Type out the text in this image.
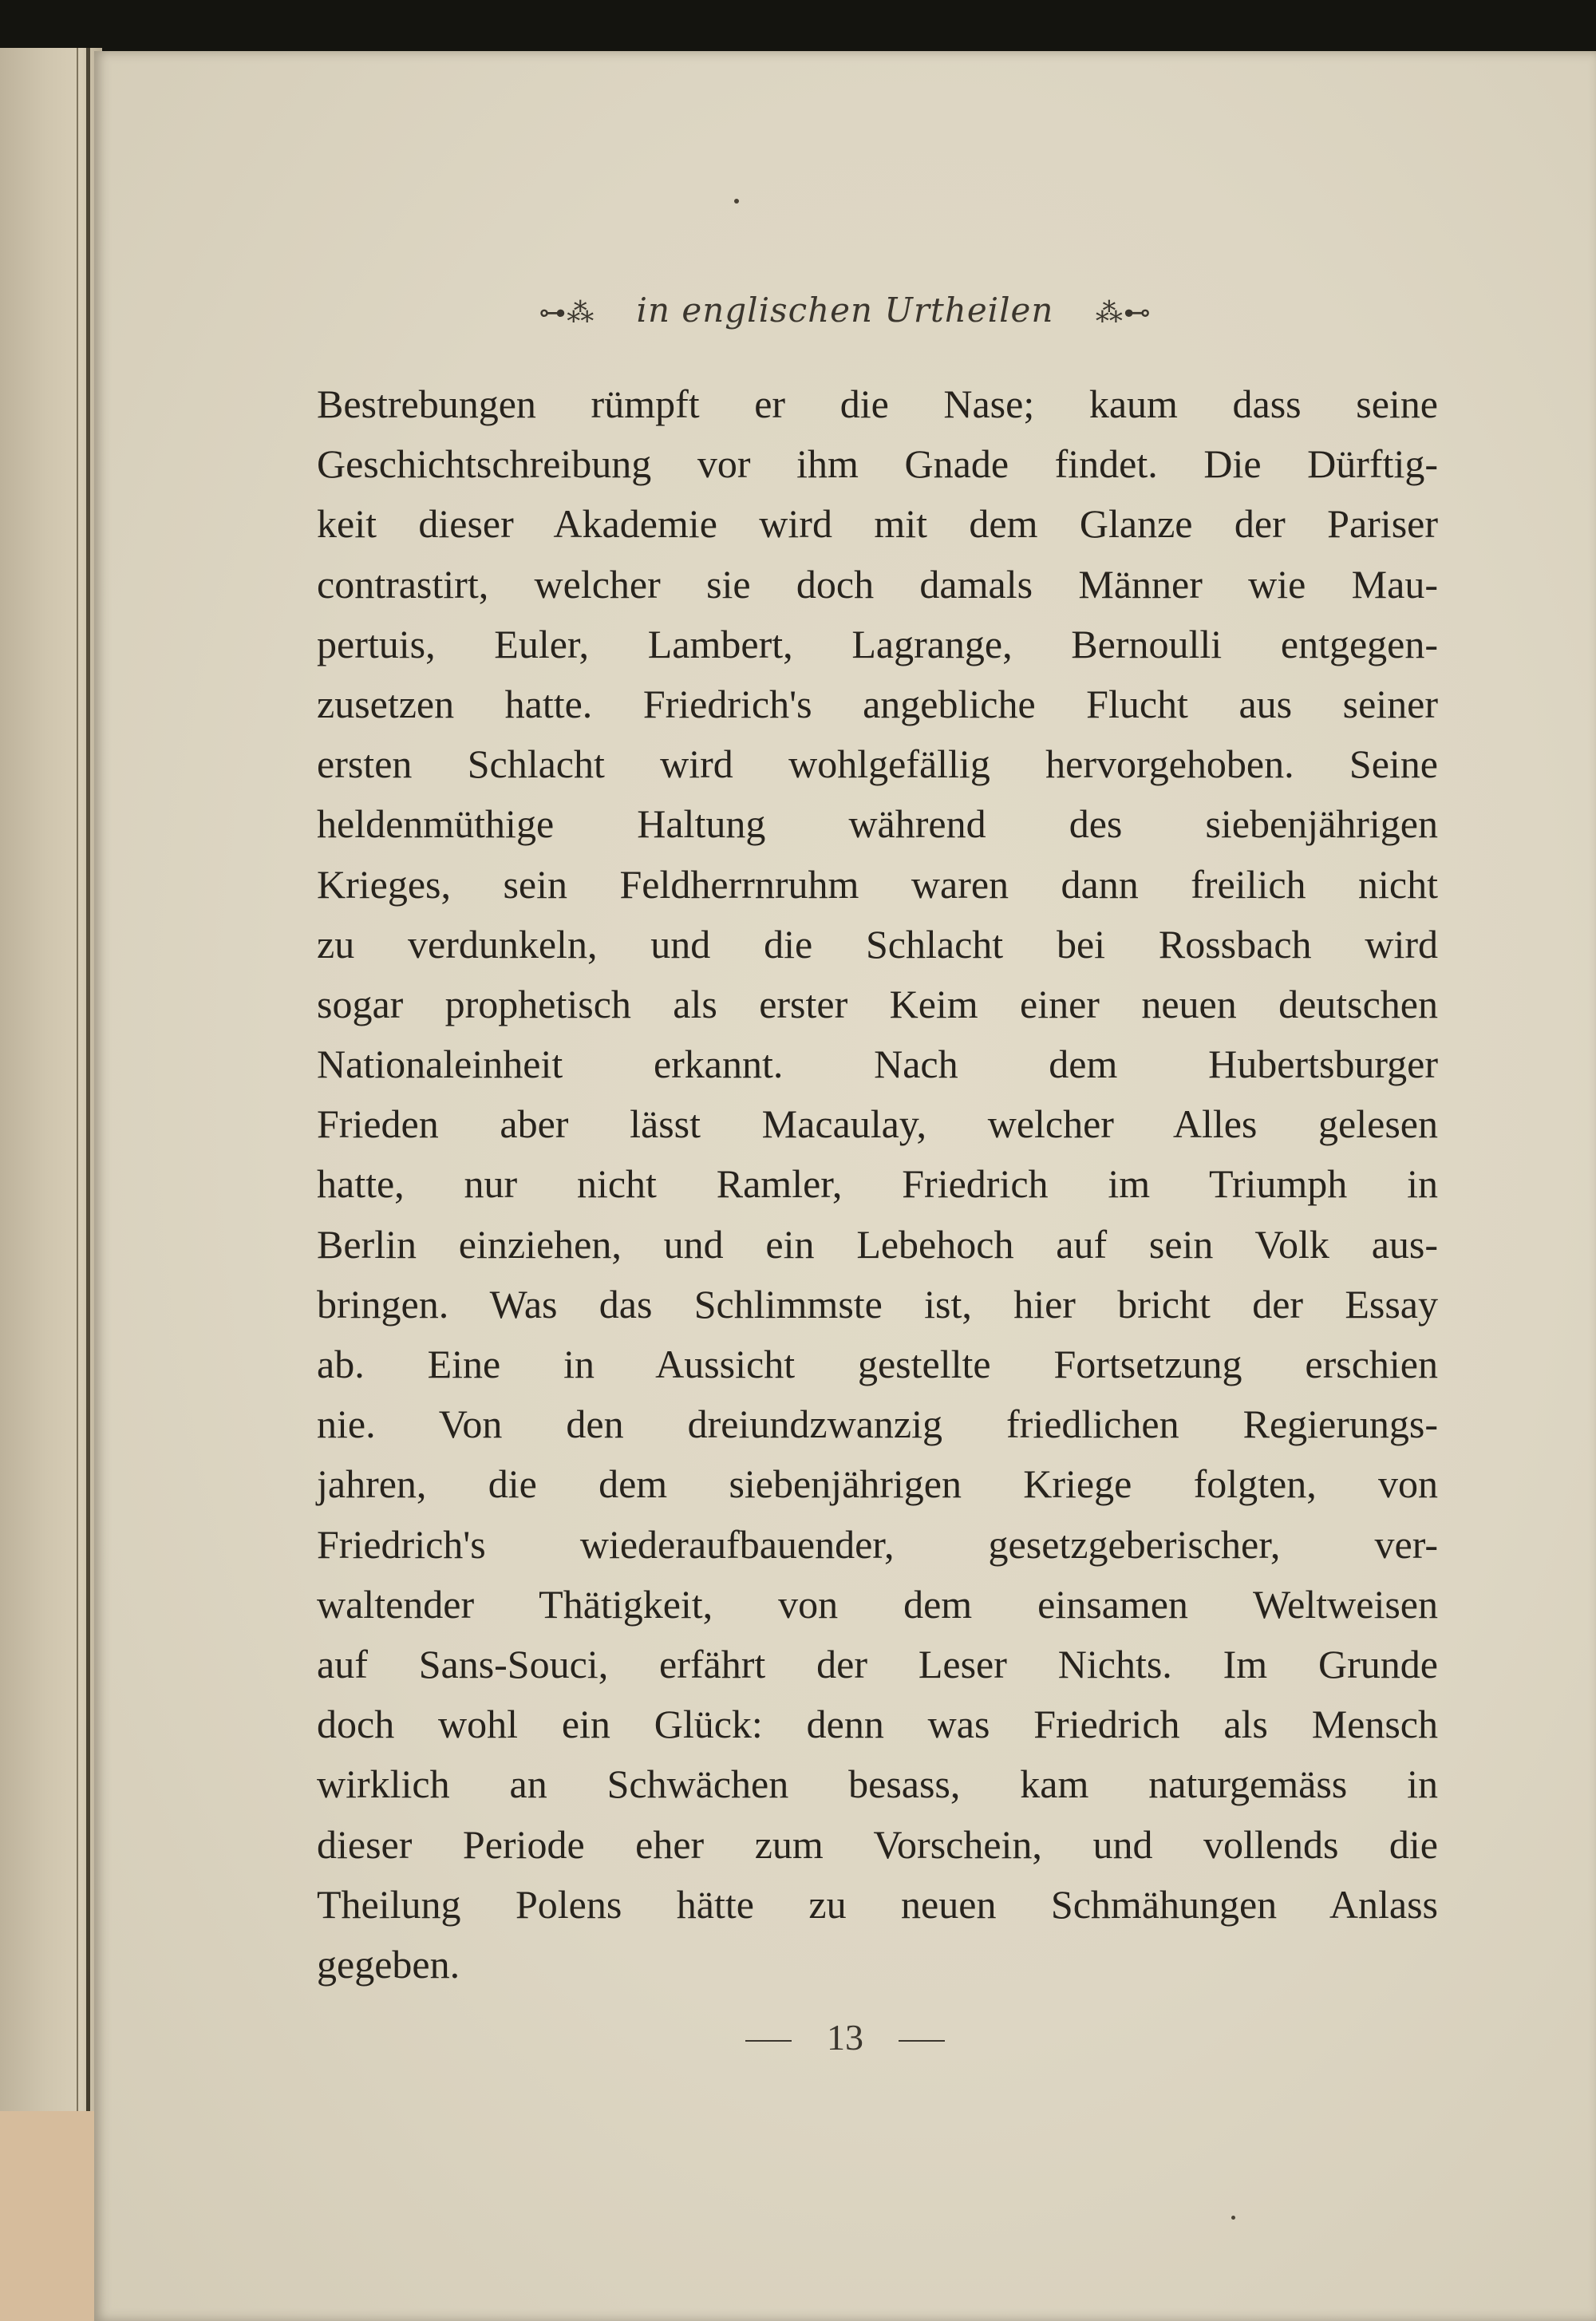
⊶⁂ in englischen Urtheilen ⁂⊷
Bestrebungen rümpft er die Nase; kaum dass seine
Geschichtschreibung vor ihm Gnade findet. Die Dürftig-
keit dieser Akademie wird mit dem Glanze der Pariser
contrastirt, welcher sie doch damals Männer wie Mau-
pertuis, Euler, Lambert, Lagrange, Bernoulli entgegen-
zusetzen hatte. Friedrich's angebliche Flucht aus seiner
ersten Schlacht wird wohlgefällig hervorgehoben. Seine
heldenmüthige Haltung während des siebenjährigen
Krieges, sein Feldherrnruhm waren dann freilich nicht
zu verdunkeln, und die Schlacht bei Rossbach wird
sogar prophetisch als erster Keim einer neuen deutschen
Nationaleinheit erkannt. Nach dem Hubertsburger
Frieden aber lässt Macaulay, welcher Alles gelesen
hatte, nur nicht Ramler, Friedrich im Triumph in
Berlin einziehen, und ein Lebehoch auf sein Volk aus-
bringen. Was das Schlimmste ist, hier bricht der Essay
ab. Eine in Aussicht gestellte Fortsetzung erschien
nie. Von den dreiundzwanzig friedlichen Regierungs-
jahren, die dem siebenjährigen Kriege folgten, von
Friedrich's wiederaufbauender, gesetzgeberischer, ver-
waltender Thätigkeit, von dem einsamen Weltweisen
auf Sans-Souci, erfährt der Leser Nichts. Im Grunde
doch wohl ein Glück: denn was Friedrich als Mensch
wirklich an Schwächen besass, kam naturgemäss in
dieser Periode eher zum Vorschein, und vollends die
Theilung Polens hätte zu neuen Schmähungen Anlass
gegeben.
13
